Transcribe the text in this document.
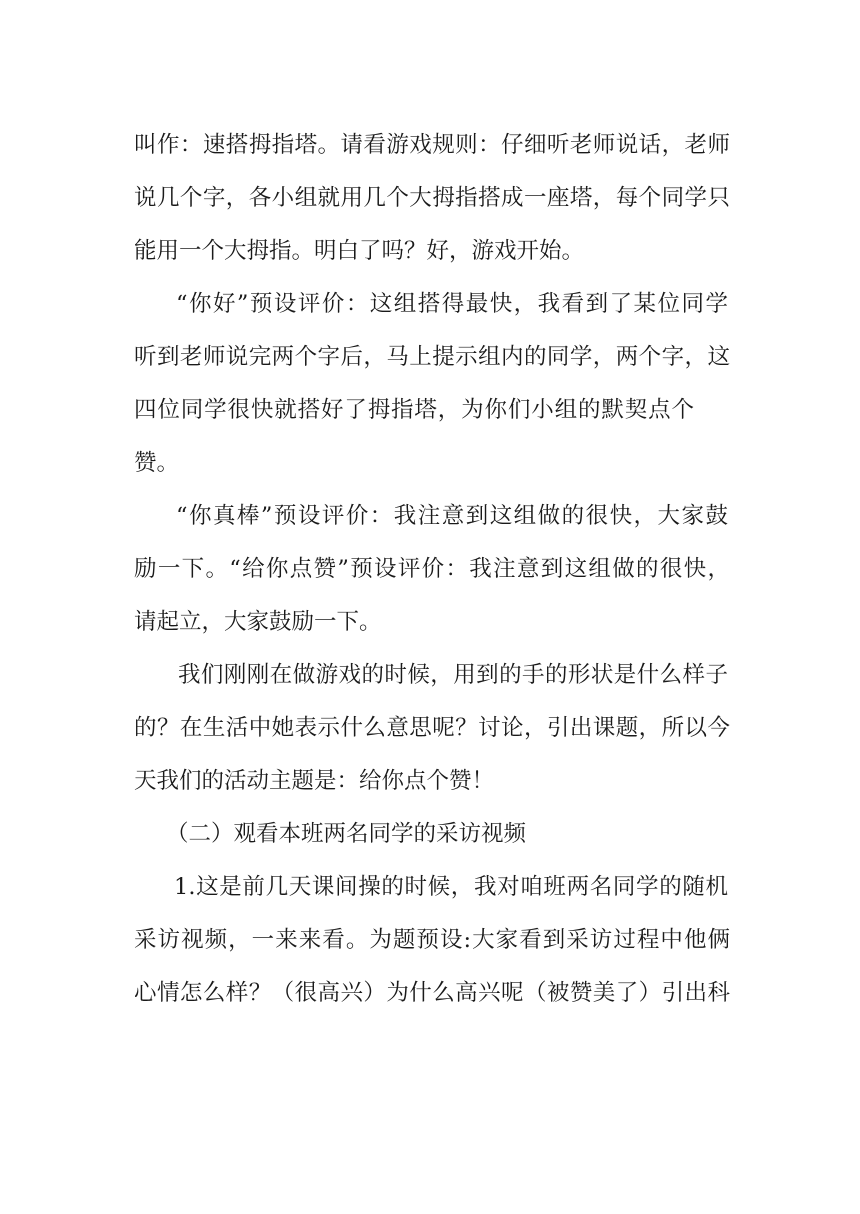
叫作：速搭拇指塔。请看游戏规则：仔细听老师说话，老师
说几个字，各小组就用几个大拇指搭成一座塔，每个同学只
能用一个大拇指。明白了吗？好，游戏开始。
“你好”预设评价：这组搭得最快，我看到了某位同学
听到老师说完两个字后，马上提示组内的同学，两个字，这
四位同学很快就搭好了拇指塔，为你们小组的默契点个
赞。
“你真棒”预设评价：我注意到这组做的很快，大家鼓
励一下。“给你点赞”预设评价：我注意到这组做的很快，
请起立，大家鼓励一下。
我们刚刚在做游戏的时候，用到的手的形状是什么样子
的？在生活中她表示什么意思呢？讨论，引出课题，所以今
天我们的活动主题是：给你点个赞！
（二）观看本班两名同学的采访视频
1.这是前几天课间操的时候，我对咱班两名同学的随机
采访视频，一来来看。为题预设:大家看到采访过程中他俩
心情怎么样？（很高兴）为什么高兴呢（被赞美了）引出科
